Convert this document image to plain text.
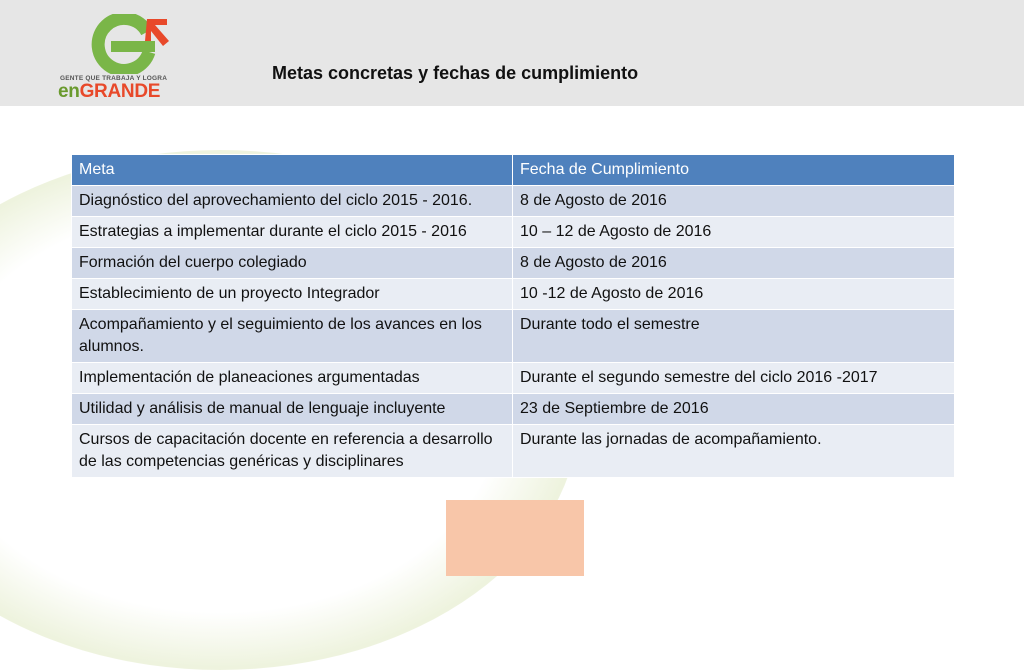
GENTE QUE TRABAJA Y LOGRA
enGRANDE
Metas concretas y fechas de cumplimiento
Meta	Fecha de Cumplimiento
Diagnóstico del aprovechamiento del ciclo 2015 - 2016.	8 de Agosto de 2016
Estrategias a implementar durante el ciclo 2015 - 2016	10 – 12 de Agosto de 2016
Formación del cuerpo colegiado	8 de Agosto de 2016
Establecimiento de un proyecto Integrador	10 -12 de Agosto de 2016
Acompañamiento y el seguimiento de los avances en los alumnos.	Durante todo el semestre
Implementación de planeaciones argumentadas	Durante el segundo semestre del ciclo 2016 -2017
Utilidad y análisis de manual de lenguaje incluyente	23 de Septiembre de 2016
Cursos de capacitación docente en referencia a desarrollo de las competencias genéricas y disciplinares	Durante las jornadas de acompañamiento.
